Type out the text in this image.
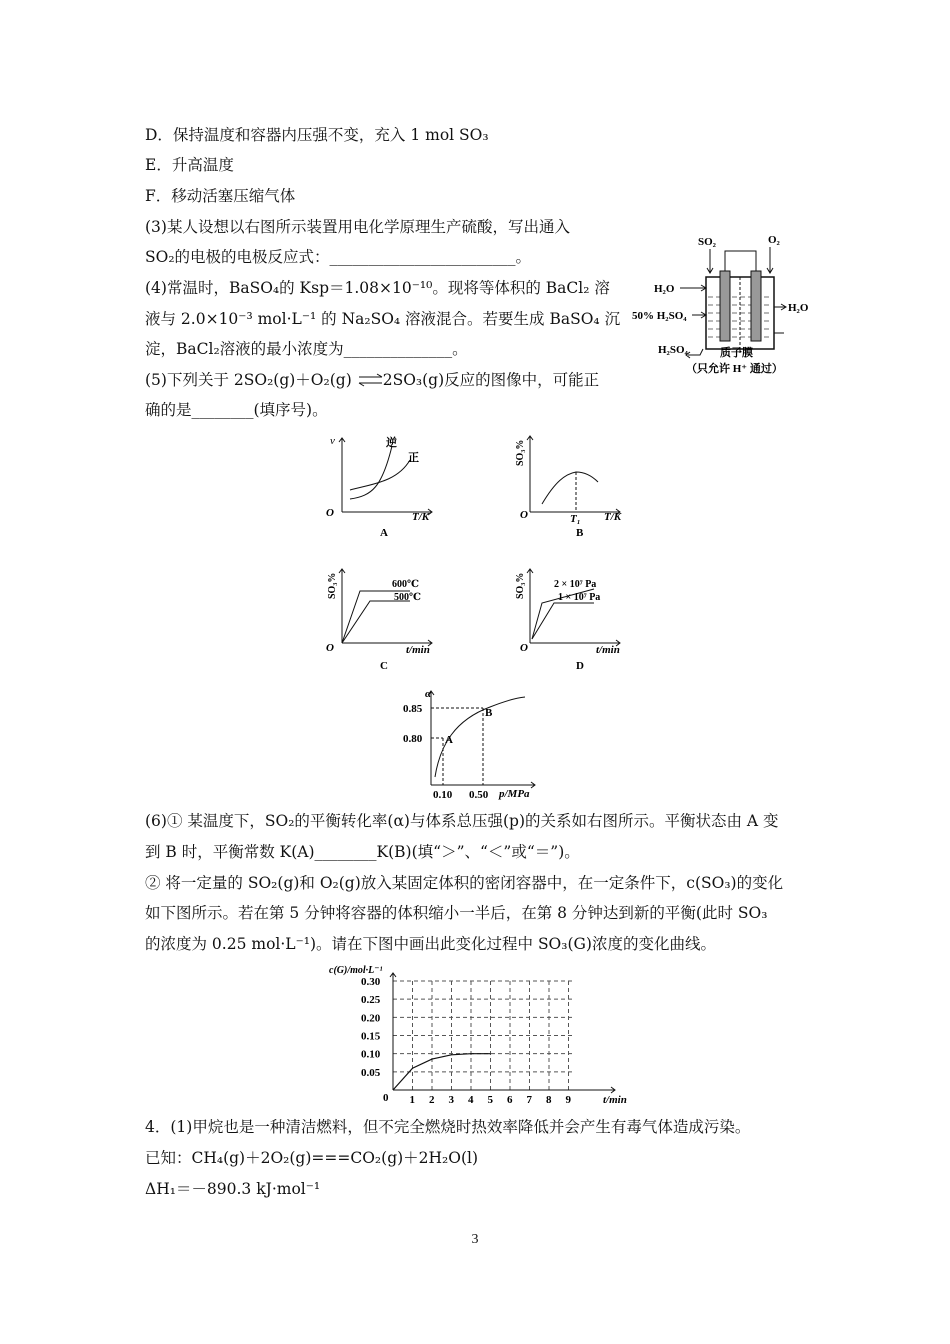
D．保持温度和容器内压强不变，充入 1 mol SO₃
E．升高温度
F．移动活塞压缩气体
(3)某人设想以右图所示装置用电化学原理生产硫酸，写出通入
SO₂的电极的电极反应式：________________________。
(4)常温时，BaSO₄的 Ksp＝1.08×10⁻¹⁰。现将等体积的 BaCl₂ 溶
液与 2.0×10⁻³ mol·L⁻¹ 的 Na₂SO₄ 溶液混合。若要生成 BaSO₄ 沉
淀，BaCl₂溶液的最小浓度为______________。
(5)下列关于 2SO₂(g)＋O₂(g)　　2SO₃(g)反应的图像中，可能正
确的是________(填序号)。
(6)① 某温度下，SO₂的平衡转化率(α)与体系总压强(p)的关系如右图所示。平衡状态由 A 变
到 B 时，平衡常数 K(A)________K(B)(填“＞”、“＜”或“＝”)。
② 将一定量的 SO₂(g)和 O₂(g)放入某固定体积的密闭容器中，在一定条件下，c(SO₃)的变化
如下图所示。若在第 5 分钟将容器的体积缩小一半后，在第 8 分钟达到新的平衡(此时 SO₃
的浓度为 0.25 mol·L⁻¹)。请在下图中画出此变化过程中 SO₃(G)浓度的变化曲线。
4．(1)甲烷也是一种清洁燃料，但不完全燃烧时热效率降低并会产生有毒气体造成污染。
已知：CH₄(g)＋2O₂(g)===CO₂(g)＋2H₂O(l)
ΔH₁＝－890.3 kJ·mol⁻¹
SO₂	O₂
H₂O
50% H₂SO₄
H₂O
H₂SO₄	质子膜
（只允许 H⁺ 通过）
v
O	T/K
逆
正
A
SO₃%
O	T/K
T₁
B
SO₃%
O	t/min
600℃
500℃
C
SO₃%
O	t/min
2 × 10⁷ Pa
1 × 10⁷ Pa
D
α
p/MPa
0.80
0.85
0.10 0.50
A
B
c(G)/mol·L⁻¹
0	t/min
0.30
0.25
0.20
0.15
0.10
0.05
1 2 3 4 5 6 7 8 9
3
